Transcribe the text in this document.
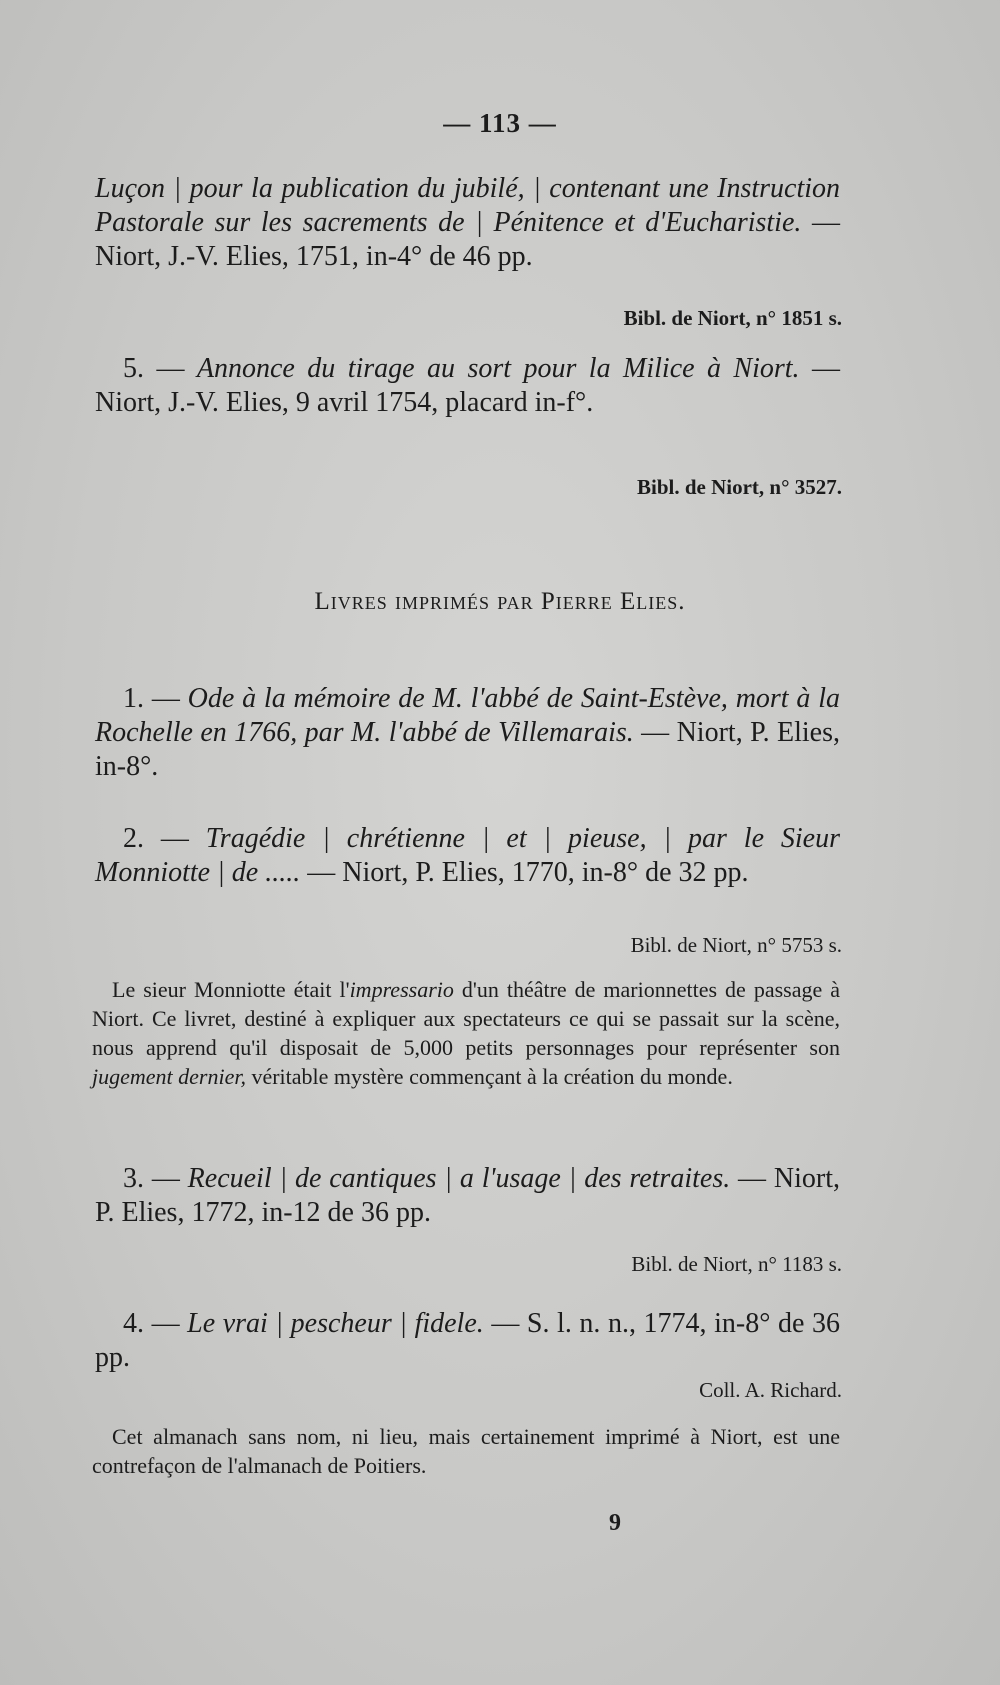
— 113 —
Luçon | pour la publication du jubilé, | contenant une Instruction Pastorale sur les sacrements de | Pénitence et d'Eucharistie. — Niort, J.-V. Elies, 1751, in-4° de 46 pp.
Bibl. de Niort, n° 1851 s.
5. — Annonce du tirage au sort pour la Milice à Niort. — Niort, J.-V. Elies, 9 avril 1754, placard in-f°.
Bibl. de Niort, n° 3527.
Livres imprimés par Pierre Elies.
1. — Ode à la mémoire de M. l'abbé de Saint-Estève, mort à la Rochelle en 1766, par M. l'abbé de Villemarais. — Niort, P. Elies, in-8°.
2. — Tragédie | chrétienne | et | pieuse, | par le Sieur Monniotte | de ..... — Niort, P. Elies, 1770, in-8° de 32 pp.
Bibl. de Niort, n° 5753 s.
Le sieur Monniotte était l'impressario d'un théâtre de marionnettes de passage à Niort. Ce livret, destiné à expliquer aux spectateurs ce qui se passait sur la scène, nous apprend qu'il disposait de 5,000 petits personnages pour représenter son jugement dernier, véritable mystère commençant à la création du monde.
3. — Recueil | de cantiques | a l'usage | des retraites. — Niort, P. Elies, 1772, in-12 de 36 pp.
Bibl. de Niort, n° 1183 s.
4. — Le vrai | pescheur | fidele. — S. l. n. n., 1774, in-8° de 36 pp.
Coll. A. Richard.
Cet almanach sans nom, ni lieu, mais certainement imprimé à Niort, est une contrefaçon de l'almanach de Poitiers.
9
